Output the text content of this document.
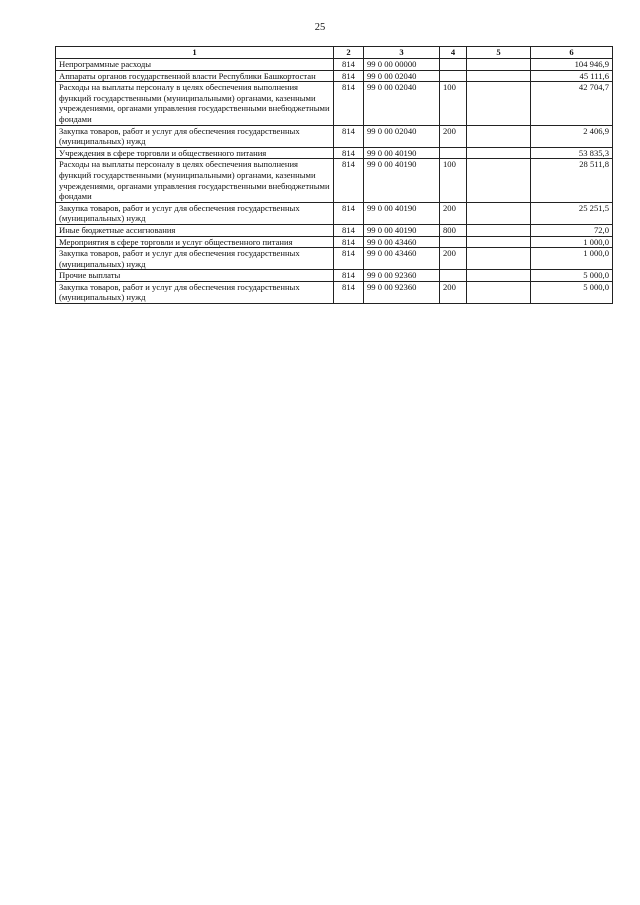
25
1	2	3	4	5	6
Непрограммные расходы	814	99 0 00 00000			104 946,9
Аппараты органов государственной власти Республики Башкортостан	814	99 0 00 02040			45 111,6
Расходы на выплаты персоналу в целях обеспечения выполнения функций государственными (муниципальными) органами, казенными учреждениями, органами управления государственными внебюджетными фондами	814	99 0 00 02040	100		42 704,7
Закупка товаров, работ и услуг для обеспечения государственных (муниципальных) нужд	814	99 0 00 02040	200		2 406,9
Учреждения в сфере торговли и общественного питания	814	99 0 00 40190			53 835,3
Расходы на выплаты персоналу в целях обеспечения выполнения функций государственными (муниципальными) органами, казенными учреждениями, органами управления государственными внебюджетными фондами	814	99 0 00 40190	100		28 511,8
Закупка товаров, работ и услуг для обеспечения государственных (муниципальных) нужд	814	99 0 00 40190	200		25 251,5
Иные бюджетные ассигнования	814	99 0 00 40190	800		72,0
Мероприятия в сфере торговли и услуг общественного питания	814	99 0 00 43460			1 000,0
Закупка товаров, работ и услуг для обеспечения государственных (муниципальных) нужд	814	99 0 00 43460	200		1 000,0
Прочие выплаты	814	99 0 00 92360			5 000,0
Закупка товаров, работ и услуг для обеспечения государственных (муниципальных) нужд	814	99 0 00 92360	200		5 000,0
